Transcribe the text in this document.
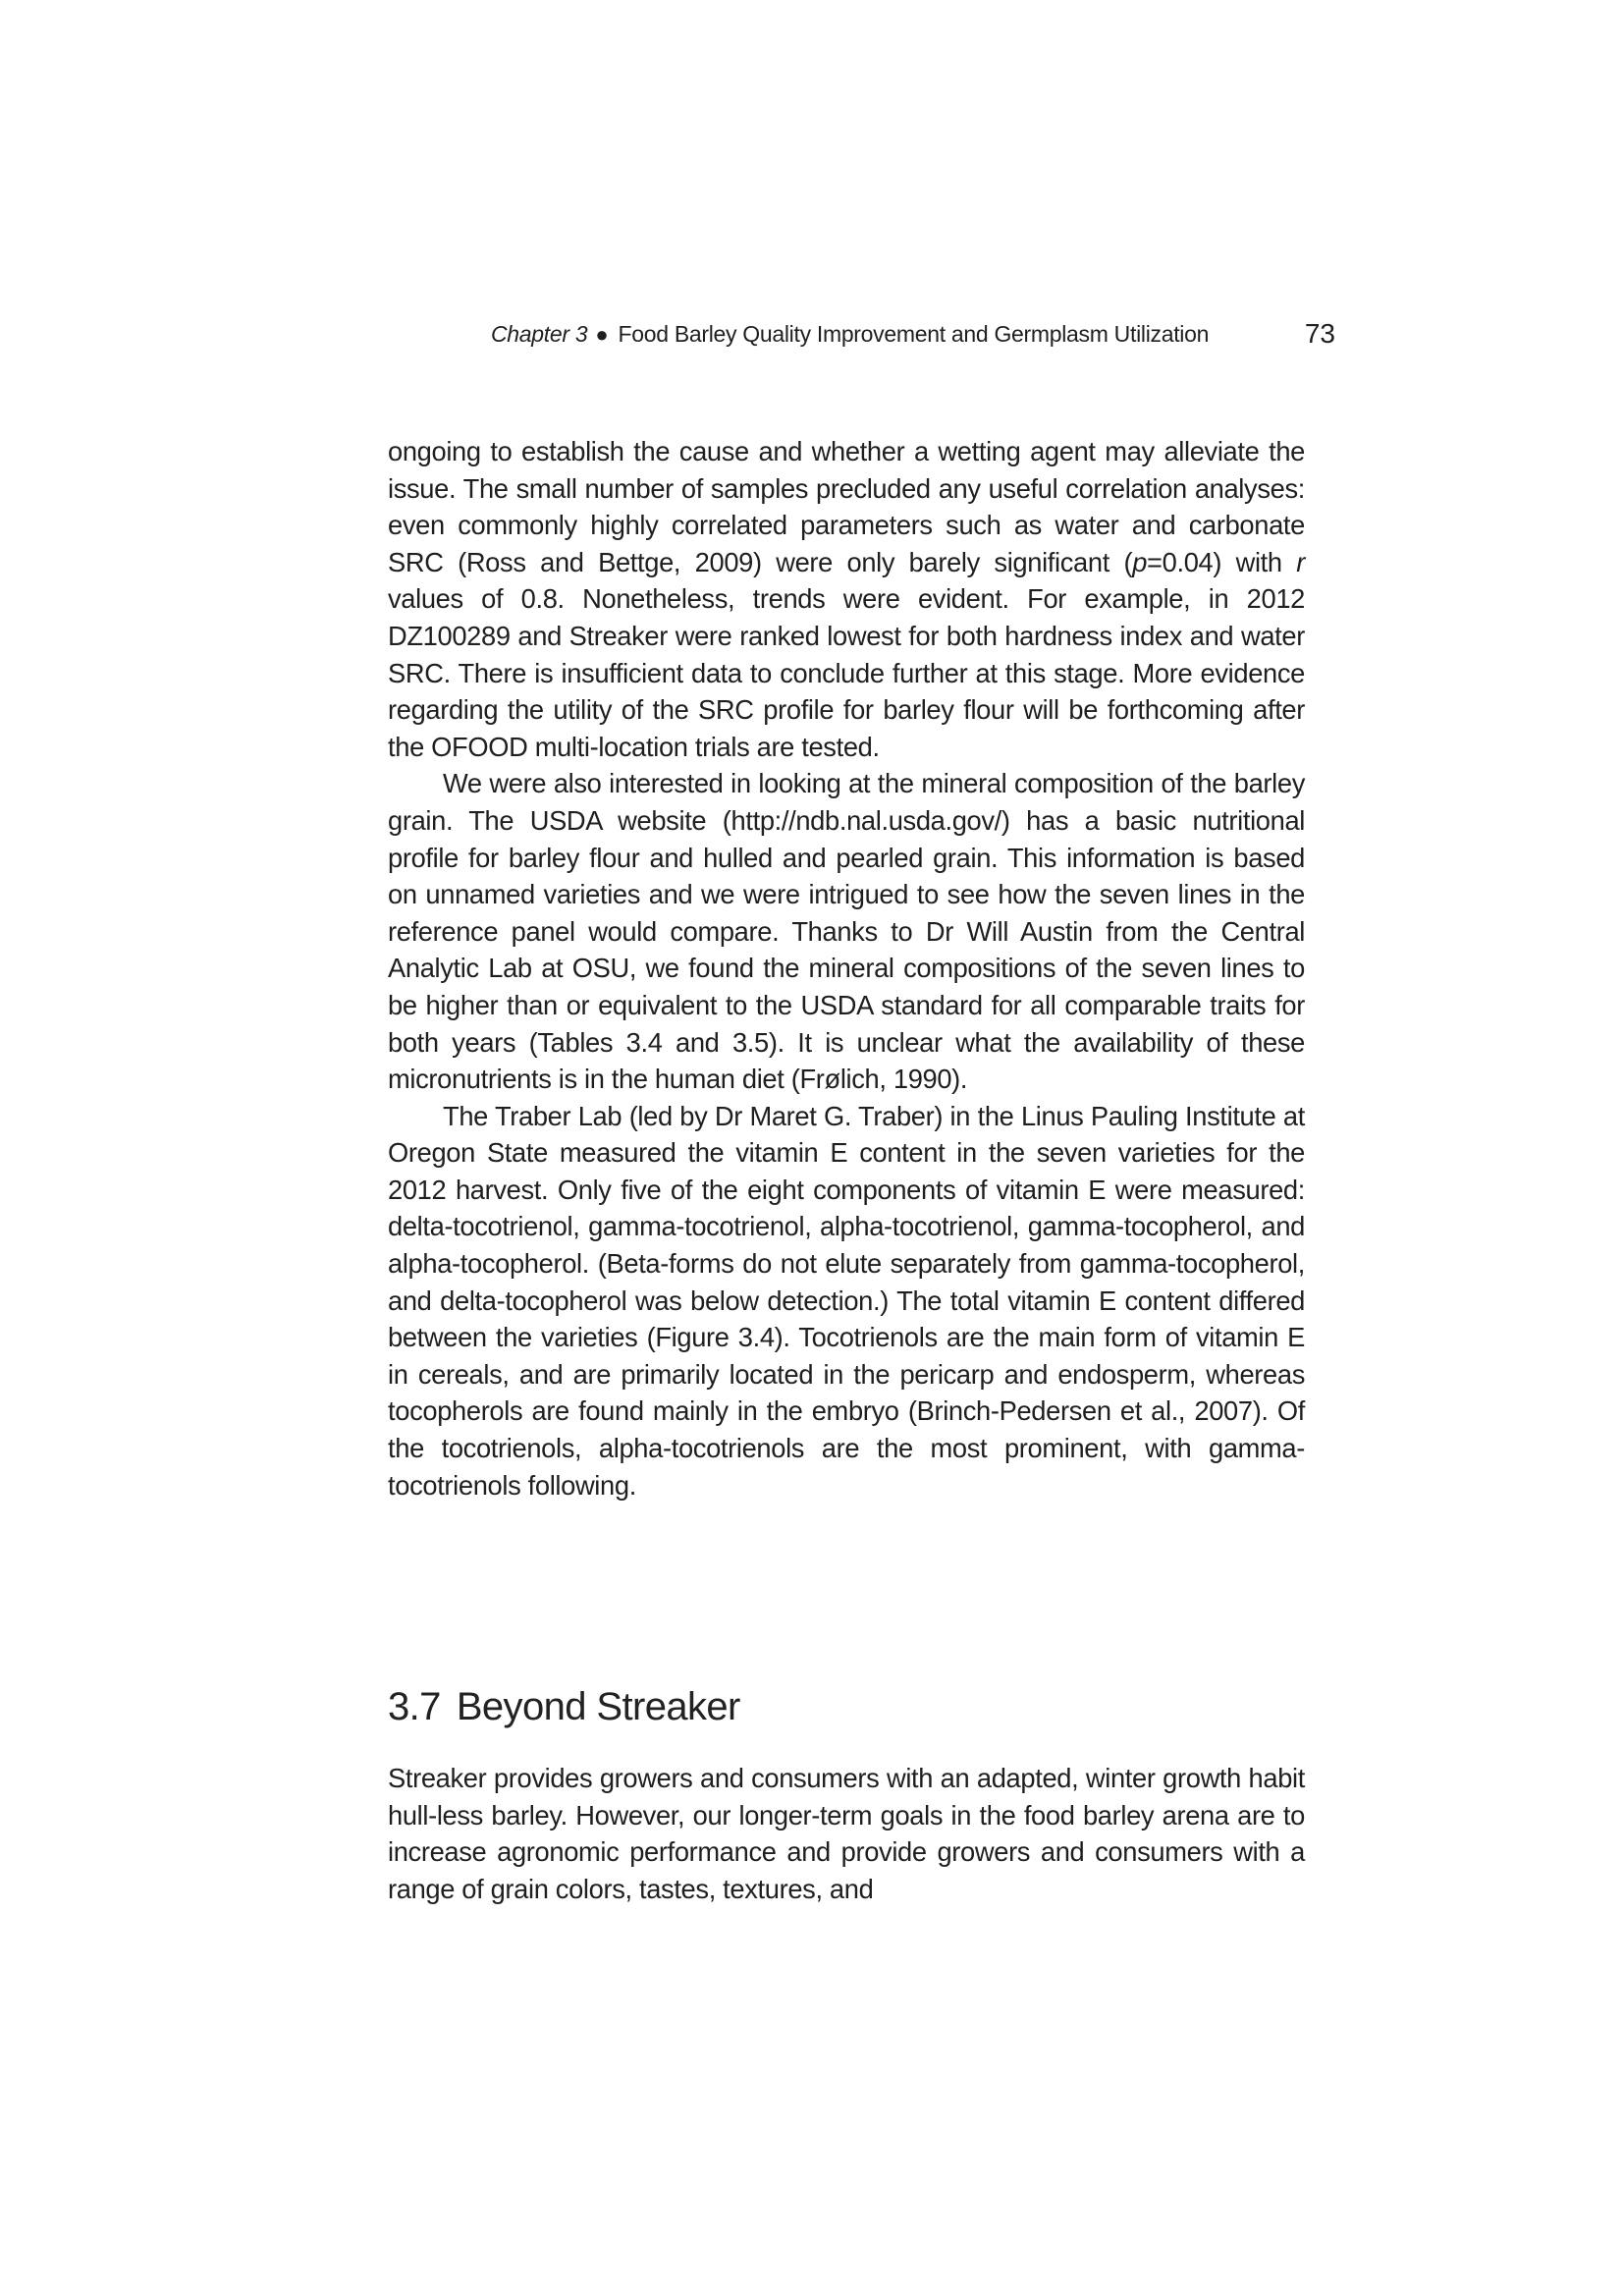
Chapter 3 ● Food Barley Quality Improvement and Germplasm Utilization	73

ongoing to establish the cause and whether a wetting agent may alleviate the issue. The small number of samples precluded any useful correlation analyses: even commonly highly correlated parameters such as water and carbonate SRC (Ross and Bettge, 2009) were only barely significant (p=0.04) with r values of 0.8. Nonetheless, trends were evident. For example, in 2012 DZ100289 and Streaker were ranked lowest for both hardness index and water SRC. There is insufficient data to conclude further at this stage. More evidence regarding the utility of the SRC profile for barley flour will be forthcoming after the OFOOD multi-location trials are tested.

We were also interested in looking at the mineral composition of the barley grain. The USDA website (http://ndb.nal.usda.gov/) has a basic nutritional profile for barley flour and hulled and pearled grain. This information is based on unnamed varieties and we were intrigued to see how the seven lines in the reference panel would compare. Thanks to Dr Will Austin from the Central Analytic Lab at OSU, we found the mineral compositions of the seven lines to be higher than or equivalent to the USDA standard for all comparable traits for both years (Tables 3.4 and 3.5). It is unclear what the availability of these micronutrients is in the human diet (Frølich, 1990).

The Traber Lab (led by Dr Maret G. Traber) in the Linus Pauling Institute at Oregon State measured the vitamin E content in the seven varieties for the 2012 harvest. Only five of the eight components of vitamin E were measured: delta-tocotrienol, gamma-tocotrienol, alpha-tocotrienol, gamma-tocopherol, and alpha-tocopherol. (Beta-forms do not elute separately from gamma-tocopherol, and delta-tocopherol was below detection.) The total vitamin E content differed between the varieties (Figure 3.4). Tocotrienols are the main form of vitamin E in cereals, and are primarily located in the pericarp and endosperm, whereas tocopherols are found mainly in the embryo (Brinch-Pedersen et al., 2007). Of the tocotrienols, alpha-tocotrienols are the most prominent, with gamma-tocotrienols following.

3.7 Beyond Streaker

Streaker provides growers and consumers with an adapted, winter growth habit hull-less barley. However, our longer-term goals in the food barley arena are to increase agronomic performance and provide growers and consumers with a range of grain colors, tastes, textures, and
